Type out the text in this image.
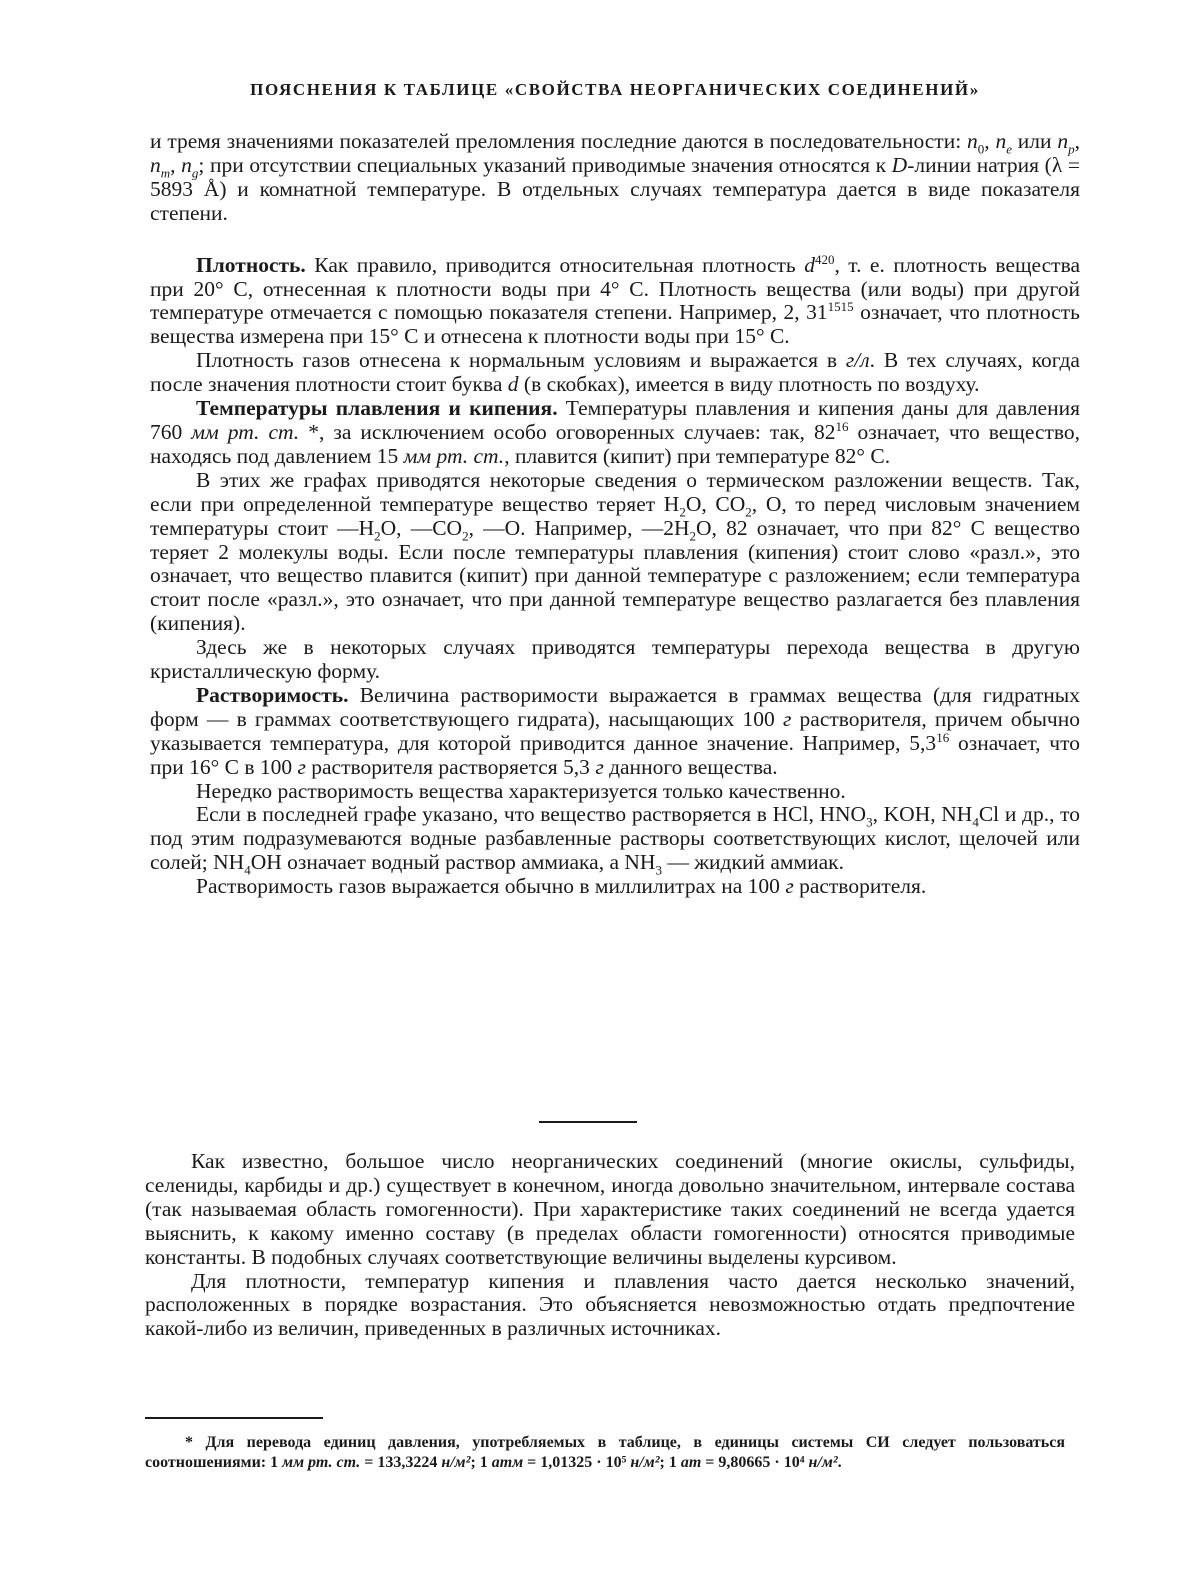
ПОЯСНЕНИЯ К ТАБЛИЦЕ «СВОЙСТВА НЕОРГАНИЧЕСКИХ СОЕДИНЕНИЙ»

и тремя значениями показателей преломления последние даются в последовательности: $n_0$, $n_e$ или $n_p$, $n_m$, $n_g$; при отсутствии специальных указаний приводимые значения относятся к D-линии натрия (λ = 5893 Å) и комнатной температуре. В отдельных случаях температура дается в виде показателя степени.

Плотность. Как правило, приводится относительная плотность $d^{420}$, т. е. плотность вещества при 20° С, отнесенная к плотности воды при 4° С. Плотность вещества (или воды) при другой температуре отмечается с помощью показателя степени. Например, 2, $31^{1515}$ означает, что плотность вещества измерена при 15° С и отнесена к плотности воды при 15° С.

Плотность газов отнесена к нормальным условиям и выражается в г/л. В тех случаях, когда после значения плотности стоит буква d (в скобках), имеется в виду плотность по воздуху.

Температуры плавления и кипения. Температуры плавления и кипения даны для давления 760 мм рт. ст. *, за исключением особо оговоренных случаев: так, $82^{16}$ означает, что вещество, находясь под давлением 15 мм рт. ст., плавится (кипит) при температуре 82° С.

В этих же графах приводятся некоторые сведения о термическом разложении веществ. Так, если при определенной температуре вещество теряет $H_2O$, $CO_2$, O, то перед числовым значением температуры стоит $—H_2O$, $—CO_2$, —O. Например, $—2H_2O$, 82 означает, что при 82° С вещество теряет 2 молекулы воды. Если после температуры плавления (кипения) стоит слово «разл.», это означает, что вещество плавится (кипит) при данной температуре с разложением; если температура стоит после «разл.», это означает, что при данной температуре вещество разлагается без плавления (кипения).

Здесь же в некоторых случаях приводятся температуры перехода вещества в другую кристаллическую форму.

Растворимость. Величина растворимости выражается в граммах вещества (для гидратных форм — в граммах соответствующего гидрата), насыщающих 100 г растворителя, причем обычно указывается температура, для которой приводится данное значение. Например, $5,3^{16}$ означает, что при 16° С в 100 г растворителя растворяется 5,3 г данного вещества.

Нередко растворимость вещества характеризуется только качественно.

Если в последней графе указано, что вещество растворяется в HCl, $HNO_3$, KOH, $NH_4Cl$ и др., то под этим подразумеваются водные разбавленные растворы соответствующих кислот, щелочей или солей; $NH_4OH$ означает водный раствор аммиака, а $NH_3$ — жидкий аммиак.

Растворимость газов выражается обычно в миллилитрах на 100 г растворителя.

Как известно, большое число неорганических соединений (многие окислы, сульфиды, селениды, карбиды и др.) существует в конечном, иногда довольно значительном, интервале состава (так называемая область гомогенности). При характеристике таких соединений не всегда удается выяснить, к какому именно составу (в пределах области гомогенности) относятся приводимые константы. В подобных случаях соответствующие величины выделены курсивом.

Для плотности, температур кипения и плавления часто дается несколько значений, расположенных в порядке возрастания. Это объясняется невозможностью отдать предпочтение какой-либо из величин, приведенных в различных источниках.

* Для перевода единиц давления, употребляемых в таблице, в единицы системы СИ следует пользоваться соотношениями: 1 мм рт. ст. = 133,3224 н/м²; 1 атм = 1,01325 · 10⁵ н/м²; 1 ат = 9,80665 · 10⁴ н/м².
